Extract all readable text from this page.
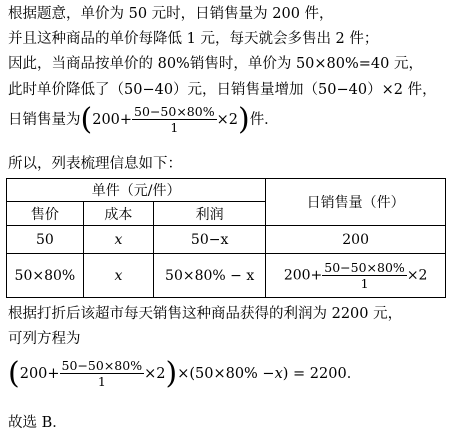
根据题意，单价为 50 元时，日销售量为 200 件，
并且这种商品的单价每降低 1 元，每天就会多售出 2 件；
因此，当商品按单价的 80%销售时，单价为 50×80%=40 元，
此时单价降低了（50−40）元，日销售量增加（50−40）×2 件，
日销售量为 ( $200+ \frac{50-50\times 80\%}{1} \times 2$ ) 件．
所以，列表梳理信息如下：
单件（元/件）			日销售量（件）
售价	成本	利润	
50	x	50−x	200
50×80%	x	50×80% − x	$200+ \frac{50-50\times 80\%}{1} \times 2$
根据打折后该超市每天销售这种商品获得的利润为 2200 元，
可列方程为
( $200+ \frac{50-50\times 80\%}{1} \times 2$ ) ×(50×80% − x ) = 2200．
故选 B．
